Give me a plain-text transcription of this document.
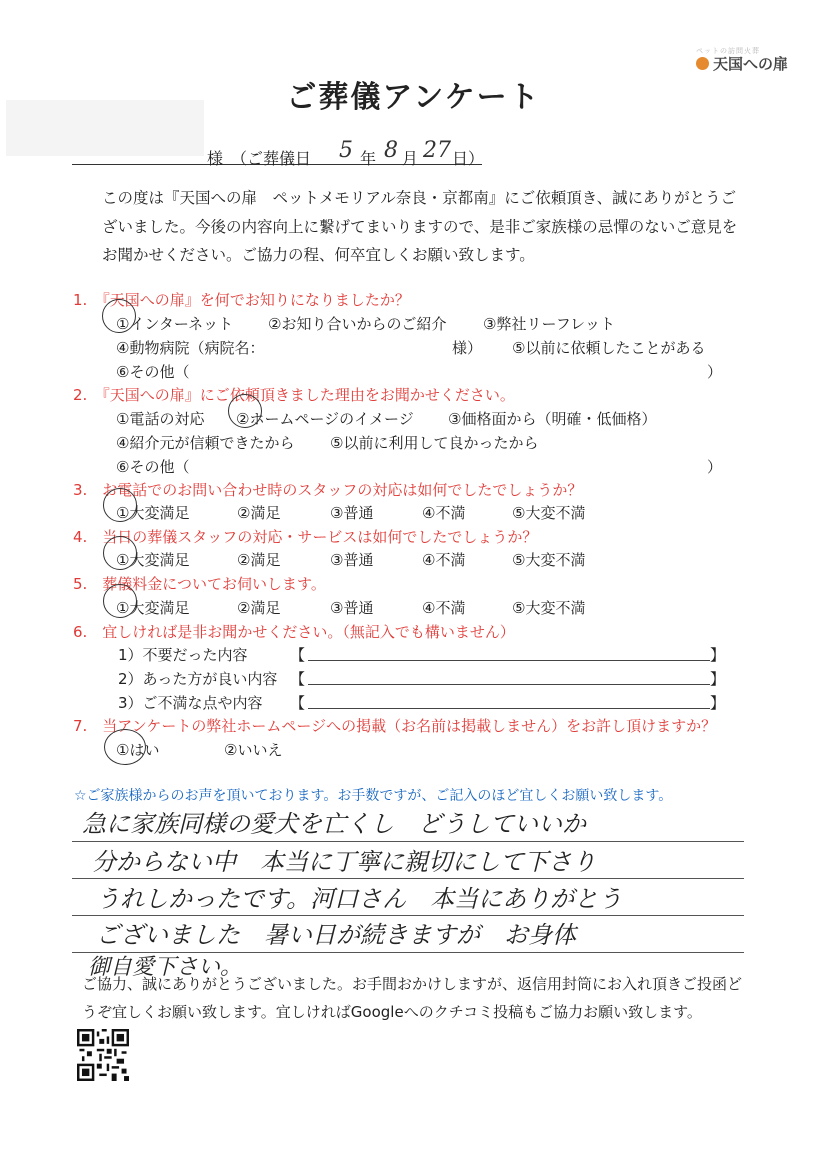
ペットの訪問火葬
天国への扉
ご葬儀アンケート
様　（ご葬儀日 5 年 8 月 27 日）
この度は『天国への扉　ペットメモリアル奈良・京都南』にご依頼頂き、誠にありがとうございました。今後の内容向上に繋げてまいりますので、是非ご家族様の忌憚のないご意見をお聞かせください。ご協力の程、何卒宜しくお願い致します。
1.　『天国への扉』を何でお知りになりましたか？
①インターネット ②お知り合いからのご紹介 ③弊社リーフレット
④動物病院（病院名：	様） ⑤以前に依頼したことがある
⑥その他（	）
2.　『天国への扉』にご依頼頂きました理由をお聞かせください。
①電話の対応 ②ホームページのイメージ ③価格面から（明確・低価格）
④紹介元が信頼できたから ⑤以前に利用して良かったから
⑥その他（	）
3.　お電話でのお問い合わせ時のスタッフの対応は如何でしたでしょうか？
①大変満足	②満足	③普通	④不満	⑤大変不満
4.　当日の葬儀スタッフの対応・サービスは如何でしたでしょうか？
①大変満足	②満足	③普通	④不満	⑤大変不満
5.　葬儀料金についてお伺いします。
①大変満足	②満足	③普通	④不満	⑤大変不満
6.　宜しければ是非お聞かせください。（無記入でも構いません）
1）不要だった内容	【	】
2）あった方が良い内容 【	】
3）ご不満な点や内容 【	】
7.　当アンケートの弊社ホームページへの掲載（お名前は掲載しません）をお許し頂けますか？
①はい	②いいえ
☆ご家族様からのお声を頂いております。お手数ですが、ご記入のほど宜しくお願い致します。
急に家族同様の愛犬を亡くし　どうしていいか
分からない中　本当に丁寧に親切にして下さり
うれしかったです。河口さん　本当にありがとう
ございました　暑い日が続きますが　お身体
御自愛下さい。
ご協力、誠にありがとうございました。お手間おかけしますが、返信用封筒にお入れ頂きご投函どうぞ宜しくお願い致します。宜しければGoogleへのクチコミ投稿もご協力お願い致します。
